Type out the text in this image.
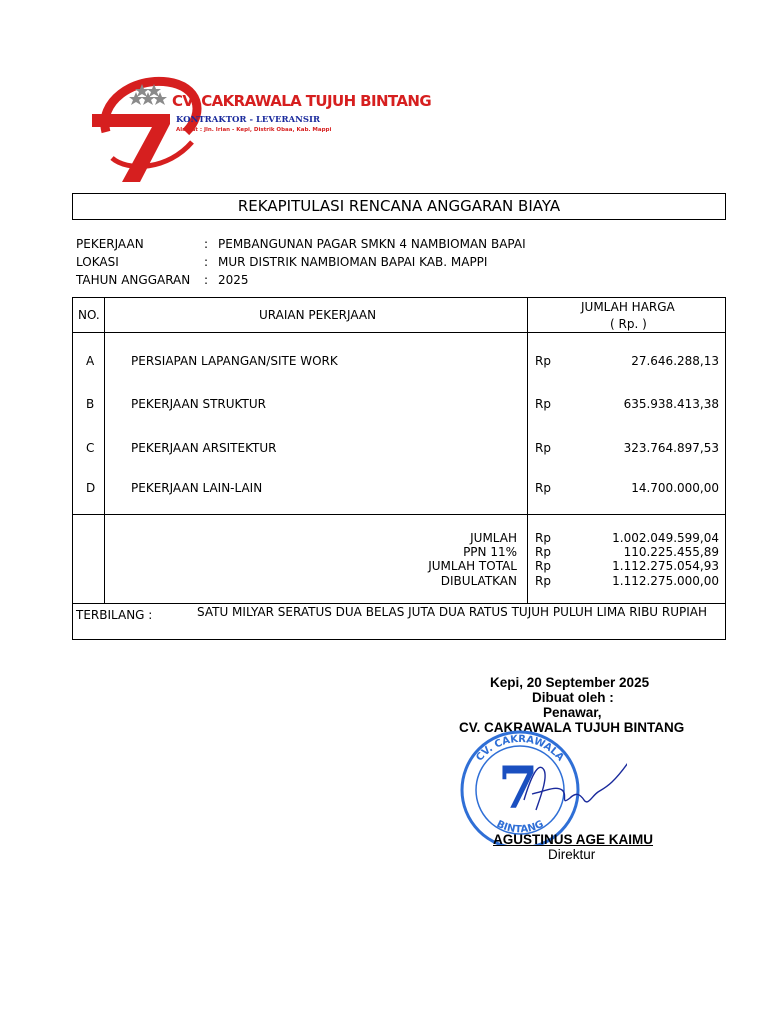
CV. CAKRAWALA TUJUH BINTANG
KONTRAKTOR - LEVERANSIR
Alamat : Jln. Irian - Kepi, Distrik Obaa, Kab. Mappi
REKAPITULASI RENCANA ANGGARAN BIAYA
PEKERJAAN	: PEMBANGUNAN PAGAR SMKN 4 NAMBIOMAN BAPAI
LOKASI	: MUR DISTRIK NAMBIOMAN BAPAI KAB. MAPPI
TAHUN ANGGARAN	: 2025
NO.	URAIAN PEKERJAAN
JUMLAH HARGA
( Rp. )
A	PERSIAPAN LAPANGAN/SITE WORK	Rp	27.646.288,13
B	PEKERJAAN STRUKTUR	Rp	635.938.413,38
C	PEKERJAAN ARSITEKTUR	Rp	323.764.897,53
D	PEKERJAAN LAIN-LAIN	Rp	14.700.000,00
JUMLAH Rp	1.002.049.599,04
PPN 11% Rp	110.225.455,89
JUMLAH TOTAL Rp	1.112.275.054,93
DIBULATKAN Rp	1.112.275.000,00
TERBILANG :	SATU MILYAR SERATUS DUA BELAS JUTA DUA RATUS TUJUH PULUH LIMA RIBU RUPIAH
Kepi, 20 September 2025
Dibuat oleh :
Penawar,
CV. CAKRAWALA TUJUH BINTANG
CV. CAKRAWALA
BINTANG
7
AGUSTINUS AGE KAIMU
Direktur
